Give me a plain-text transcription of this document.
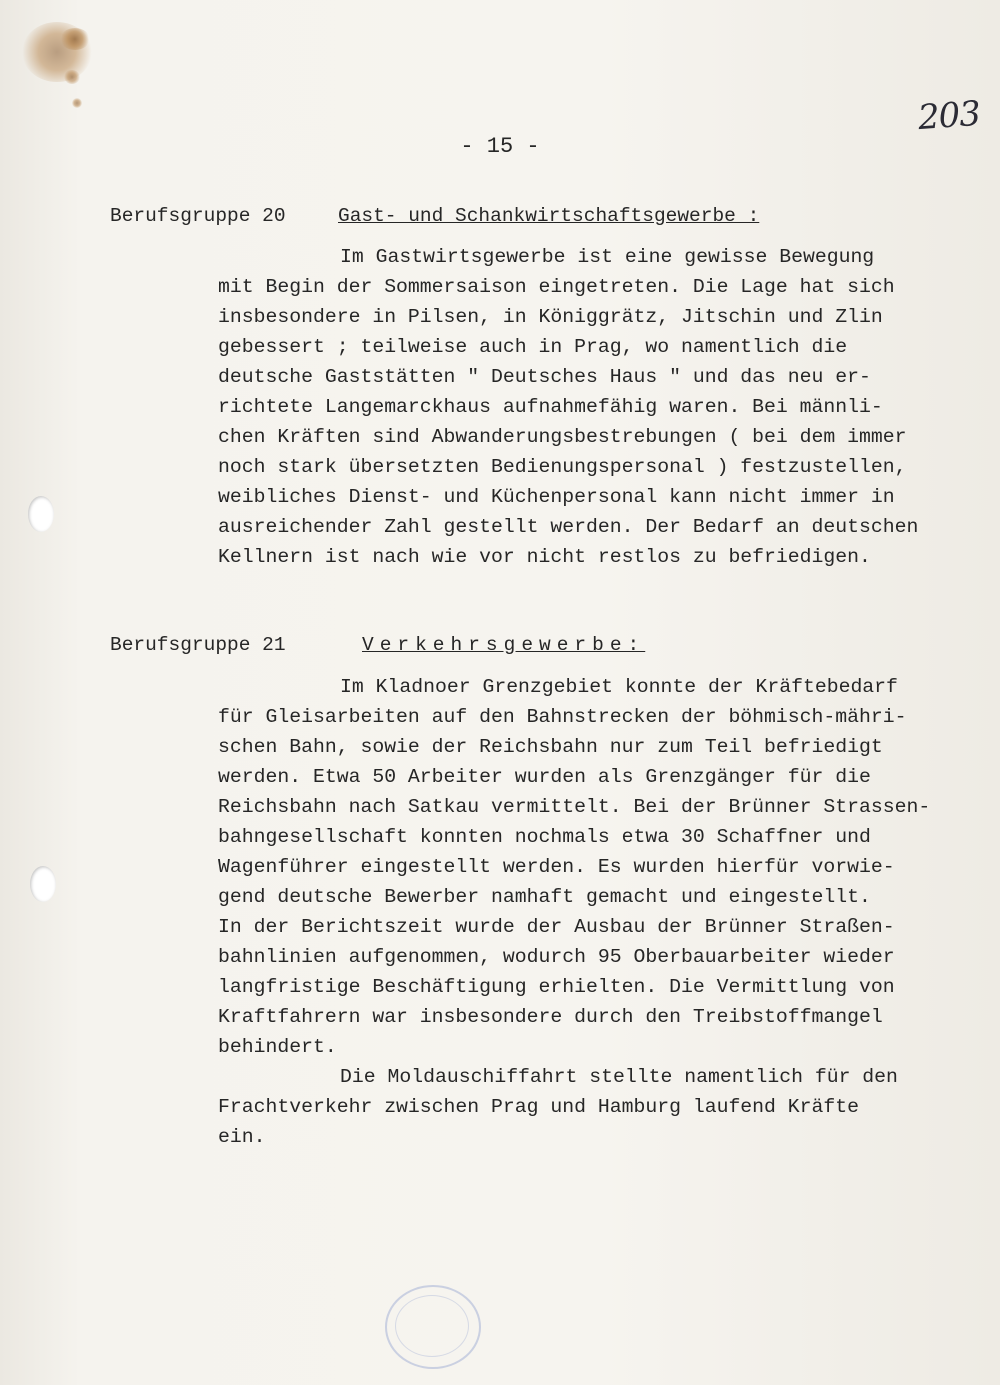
203
- 15 -
Berufsgruppe 20	Gast- und Schankwirtschaftsgewerbe :
Im Gastwirtsgewerbe ist eine gewisse Bewegung
mit Begin der Sommersaison eingetreten. Die Lage hat sich
insbesondere in Pilsen, in Königgrätz, Jitschin und Zlin
gebessert ; teilweise auch in Prag, wo namentlich die
deutsche Gaststätten " Deutsches Haus " und das neu er-
richtete Langemarckhaus aufnahmefähig waren. Bei männli-
chen Kräften sind Abwanderungsbestrebungen ( bei dem immer
noch stark übersetzten Bedienungspersonal ) festzustellen,
weibliches Dienst- und Küchenpersonal kann nicht immer in
ausreichender Zahl gestellt werden. Der Bedarf an deutschen
Kellnern ist nach wie vor nicht restlos zu befriedigen.
Berufsgruppe 21	Verkehrsgewerbe:
Im Kladnoer Grenzgebiet konnte der Kräftebedarf
für Gleisarbeiten auf den Bahnstrecken der böhmisch-mähri-
schen Bahn, sowie der Reichsbahn nur zum Teil befriedigt
werden. Etwa 50 Arbeiter wurden als Grenzgänger für die
Reichsbahn nach Satkau vermittelt. Bei der Brünner Strassen-
bahngesellschaft konnten nochmals etwa 30 Schaffner und
Wagenführer eingestellt werden. Es wurden hierfür vorwie-
gend deutsche Bewerber namhaft gemacht und eingestellt.
In der Berichtszeit wurde der Ausbau der Brünner Straßen-
bahnlinien aufgenommen, wodurch 95 Oberbauarbeiter wieder
langfristige Beschäftigung erhielten. Die Vermittlung von
Kraftfahrern war insbesondere durch den Treibstoffmangel
behindert.
Die Moldauschiffahrt stellte namentlich für den
Frachtverkehr zwischen Prag und Hamburg laufend Kräfte
ein.
